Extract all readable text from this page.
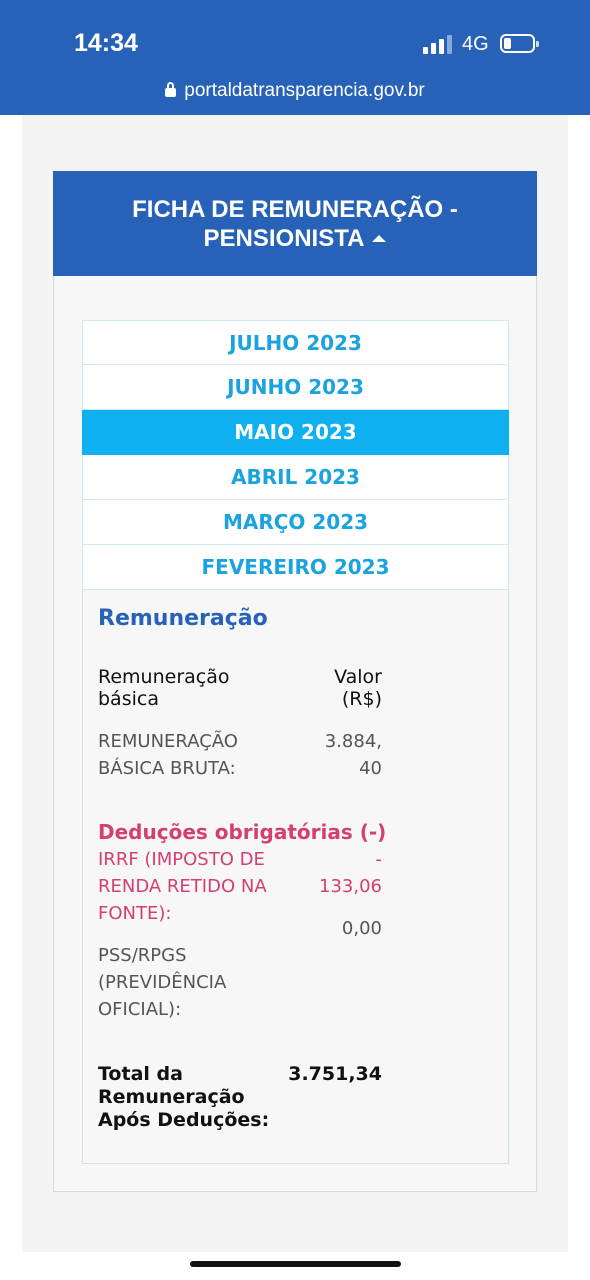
14:34	4G
portaldatransparencia.gov.br
FICHA DE REMUNERAÇÃO -
PENSIONISTA
JULHO 2023
JUNHO 2023
MAIO 2023
ABRIL 2023
MARÇO 2023
FEVEREIRO 2023
Remuneração
Remuneração
básica
Valor
(R$)
REMUNERAÇÃO
BÁSICA BRUTA:
3.884,
40
Deduções obrigatórias (-)
IRRF (IMPOSTO DE
RENDA RETIDO NA
FONTE):
-
133,06
0,00
PSS/RPGS
(PREVIDÊNCIA
OFICIAL):
Total da
Remuneração
Após Deduções:
3.751,34
